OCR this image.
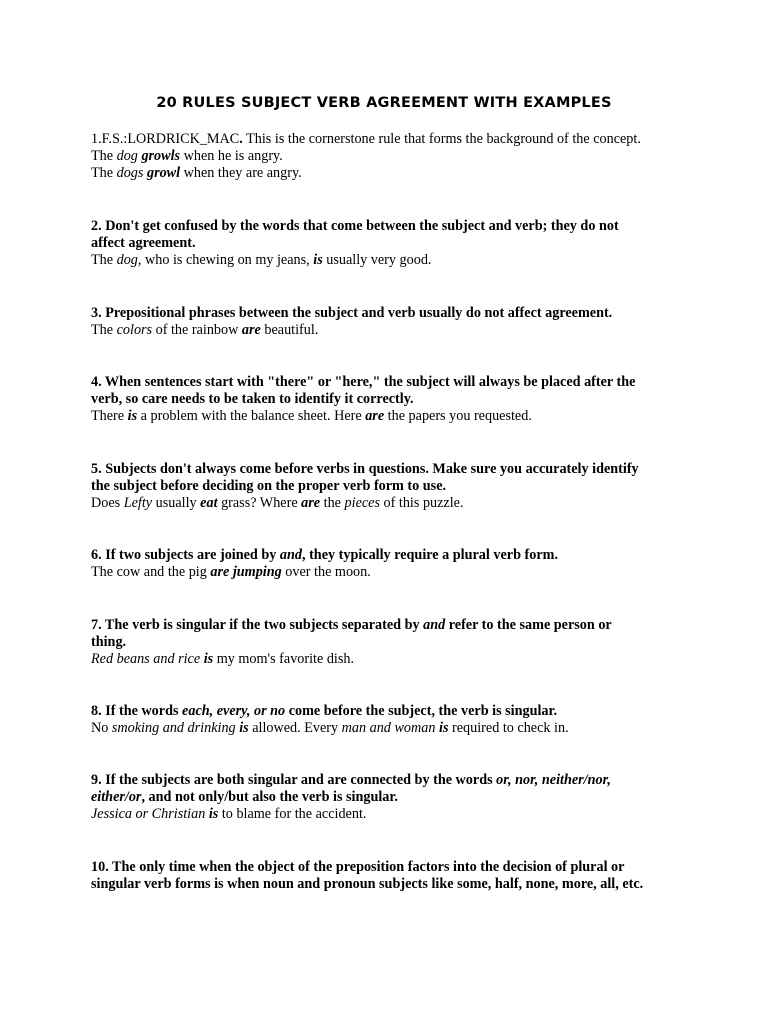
20 RULES SUBJECT VERB AGREEMENT WITH EXAMPLES

1.F.S.:LORDRICK_MAC. This is the cornerstone rule that forms the background of the concept.

The dog growls when he is angry.

The dogs growl when they are angry.

2. Don't get confused by the words that come between the subject and verb; they do not

affect agreement.

The dog, who is chewing on my jeans, is usually very good.

3. Prepositional phrases between the subject and verb usually do not affect agreement.

The colors of the rainbow are beautiful.

4. When sentences start with "there" or "here," the subject will always be placed after the

verb, so care needs to be taken to identify it correctly.

There is a problem with the balance sheet. Here are the papers you requested.

5. Subjects don't always come before verbs in questions. Make sure you accurately identify

the subject before deciding on the proper verb form to use.

Does Lefty usually eat grass? Where are the pieces of this puzzle.

6. If two subjects are joined by and, they typically require a plural verb form.

The cow and the pig are jumping over the moon.

7. The verb is singular if the two subjects separated by and refer to the same person or

thing.

Red beans and rice is my mom's favorite dish.

8. If the words each, every, or no come before the subject, the verb is singular.

No smoking and drinking is allowed. Every man and woman is required to check in.

9. If the subjects are both singular and are connected by the words or, nor, neither/nor,

either/or, and not only/but also the verb is singular.

Jessica or Christian is to blame for the accident.

10. The only time when the object of the preposition factors into the decision of plural or

singular verb forms is when noun and pronoun subjects like some, half, none, more, all, etc.
